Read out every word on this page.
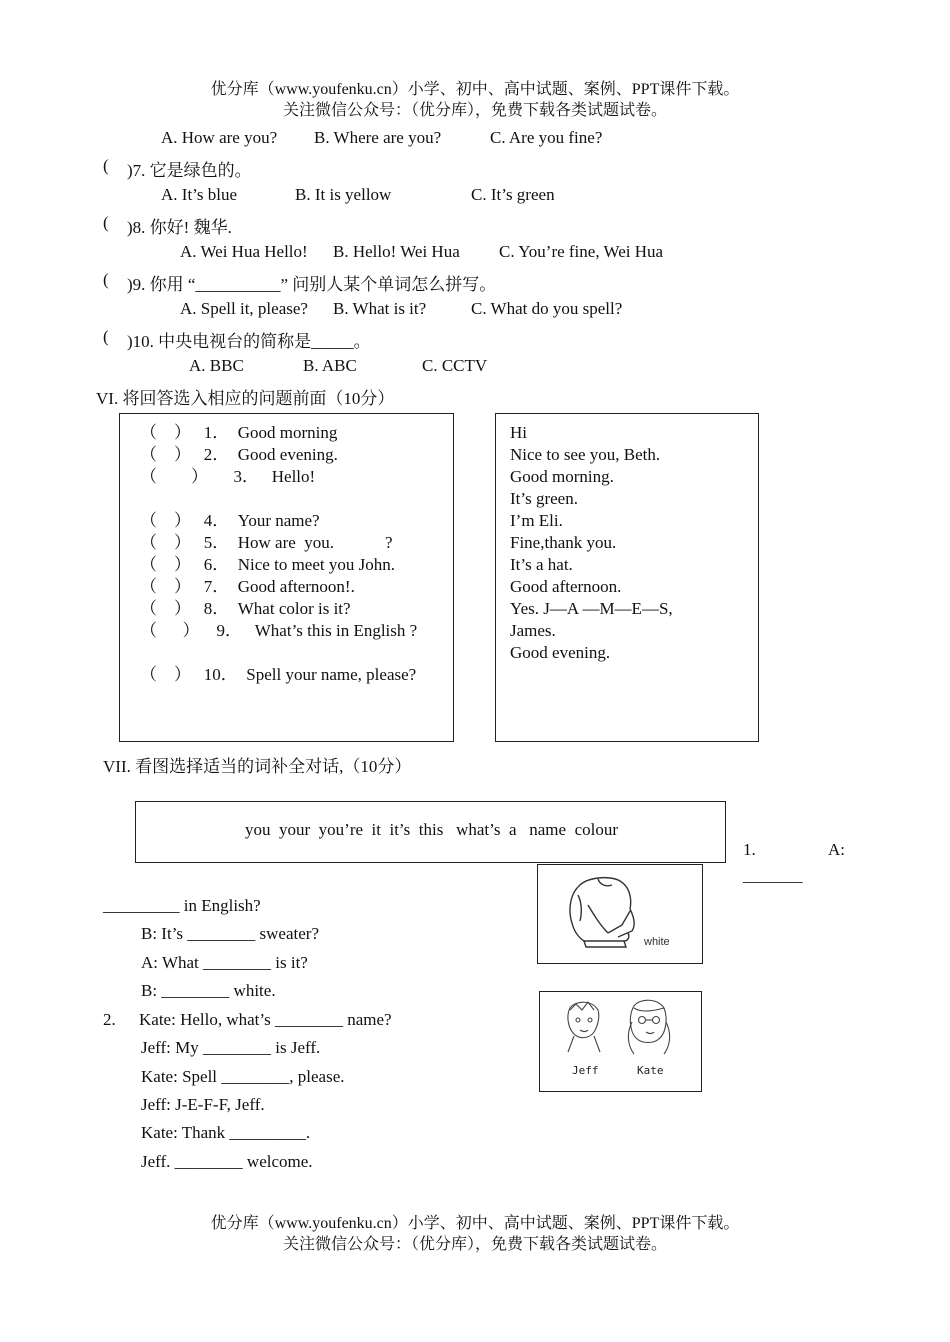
优分库（www.youfenku.cn）小学、初中、高中试题、案例、PPT课件下载。
关注微信公众号：（优分库），免费下载各类试题试卷。
A. How are you? B. Where are you?	C. Are you fine?
( )7. 它是绿色的。
A. It’s blue	B. It is yellow	C. It’s green
( )8. 你好! 魏华.
A. Wei Hua Hello! B. Hello! Wei Hua C. You’re fine, Wei Hua
( )9. 你用 “__________” 问别人某个单词怎么拼写。
A. Spell it, please? B. What is it?	C. What do you spell?
( )10. 中央电视台的简称是_____。
A. BBC	B. ABC	C. CCTV
VI. 将回答选入相应的问题前面（10分）
（    ）   1．  Good morning
（    ）   2．  Good evening.
（        ）      3．   Hello!
（    ）   4．  Your name?
（    ）   5．  How are  you.            ?
（    ）   6．  Nice to meet you John.
（    ）   7．  Good afternoon!.
（    ）   8．  What color is it?
（      ）    9．   What’s this in English ?
（    ）   10．  Spell your name, please?
Hi
Nice to see you, Beth.
Good morning.
It’s green.
I’m Eli.
Fine,thank you.
It’s a hat.
Good afternoon.
Yes. J—A —M—E—S,
James.
Good evening.
VII. 看图选择适当的词补全对话,（10分）
you  your  you’re  it  it’s  this   what’s  a   name  colour
1.	A:
_______
_________ in English?
B: It’s ________ sweater?
A: What ________ is it?
B: ________ white.
2. Kate: Hello, what’s ________ name?
Jeff: My ________ is Jeff.
Kate: Spell ________, please.
Jeff: J-E-F-F, Jeff.
Kate: Thank _________.
Jeff. ________ welcome.
white
Jeff	Kate
优分库（www.youfenku.cn）小学、初中、高中试题、案例、PPT课件下载。
关注微信公众号：（优分库），免费下载各类试题试卷。
